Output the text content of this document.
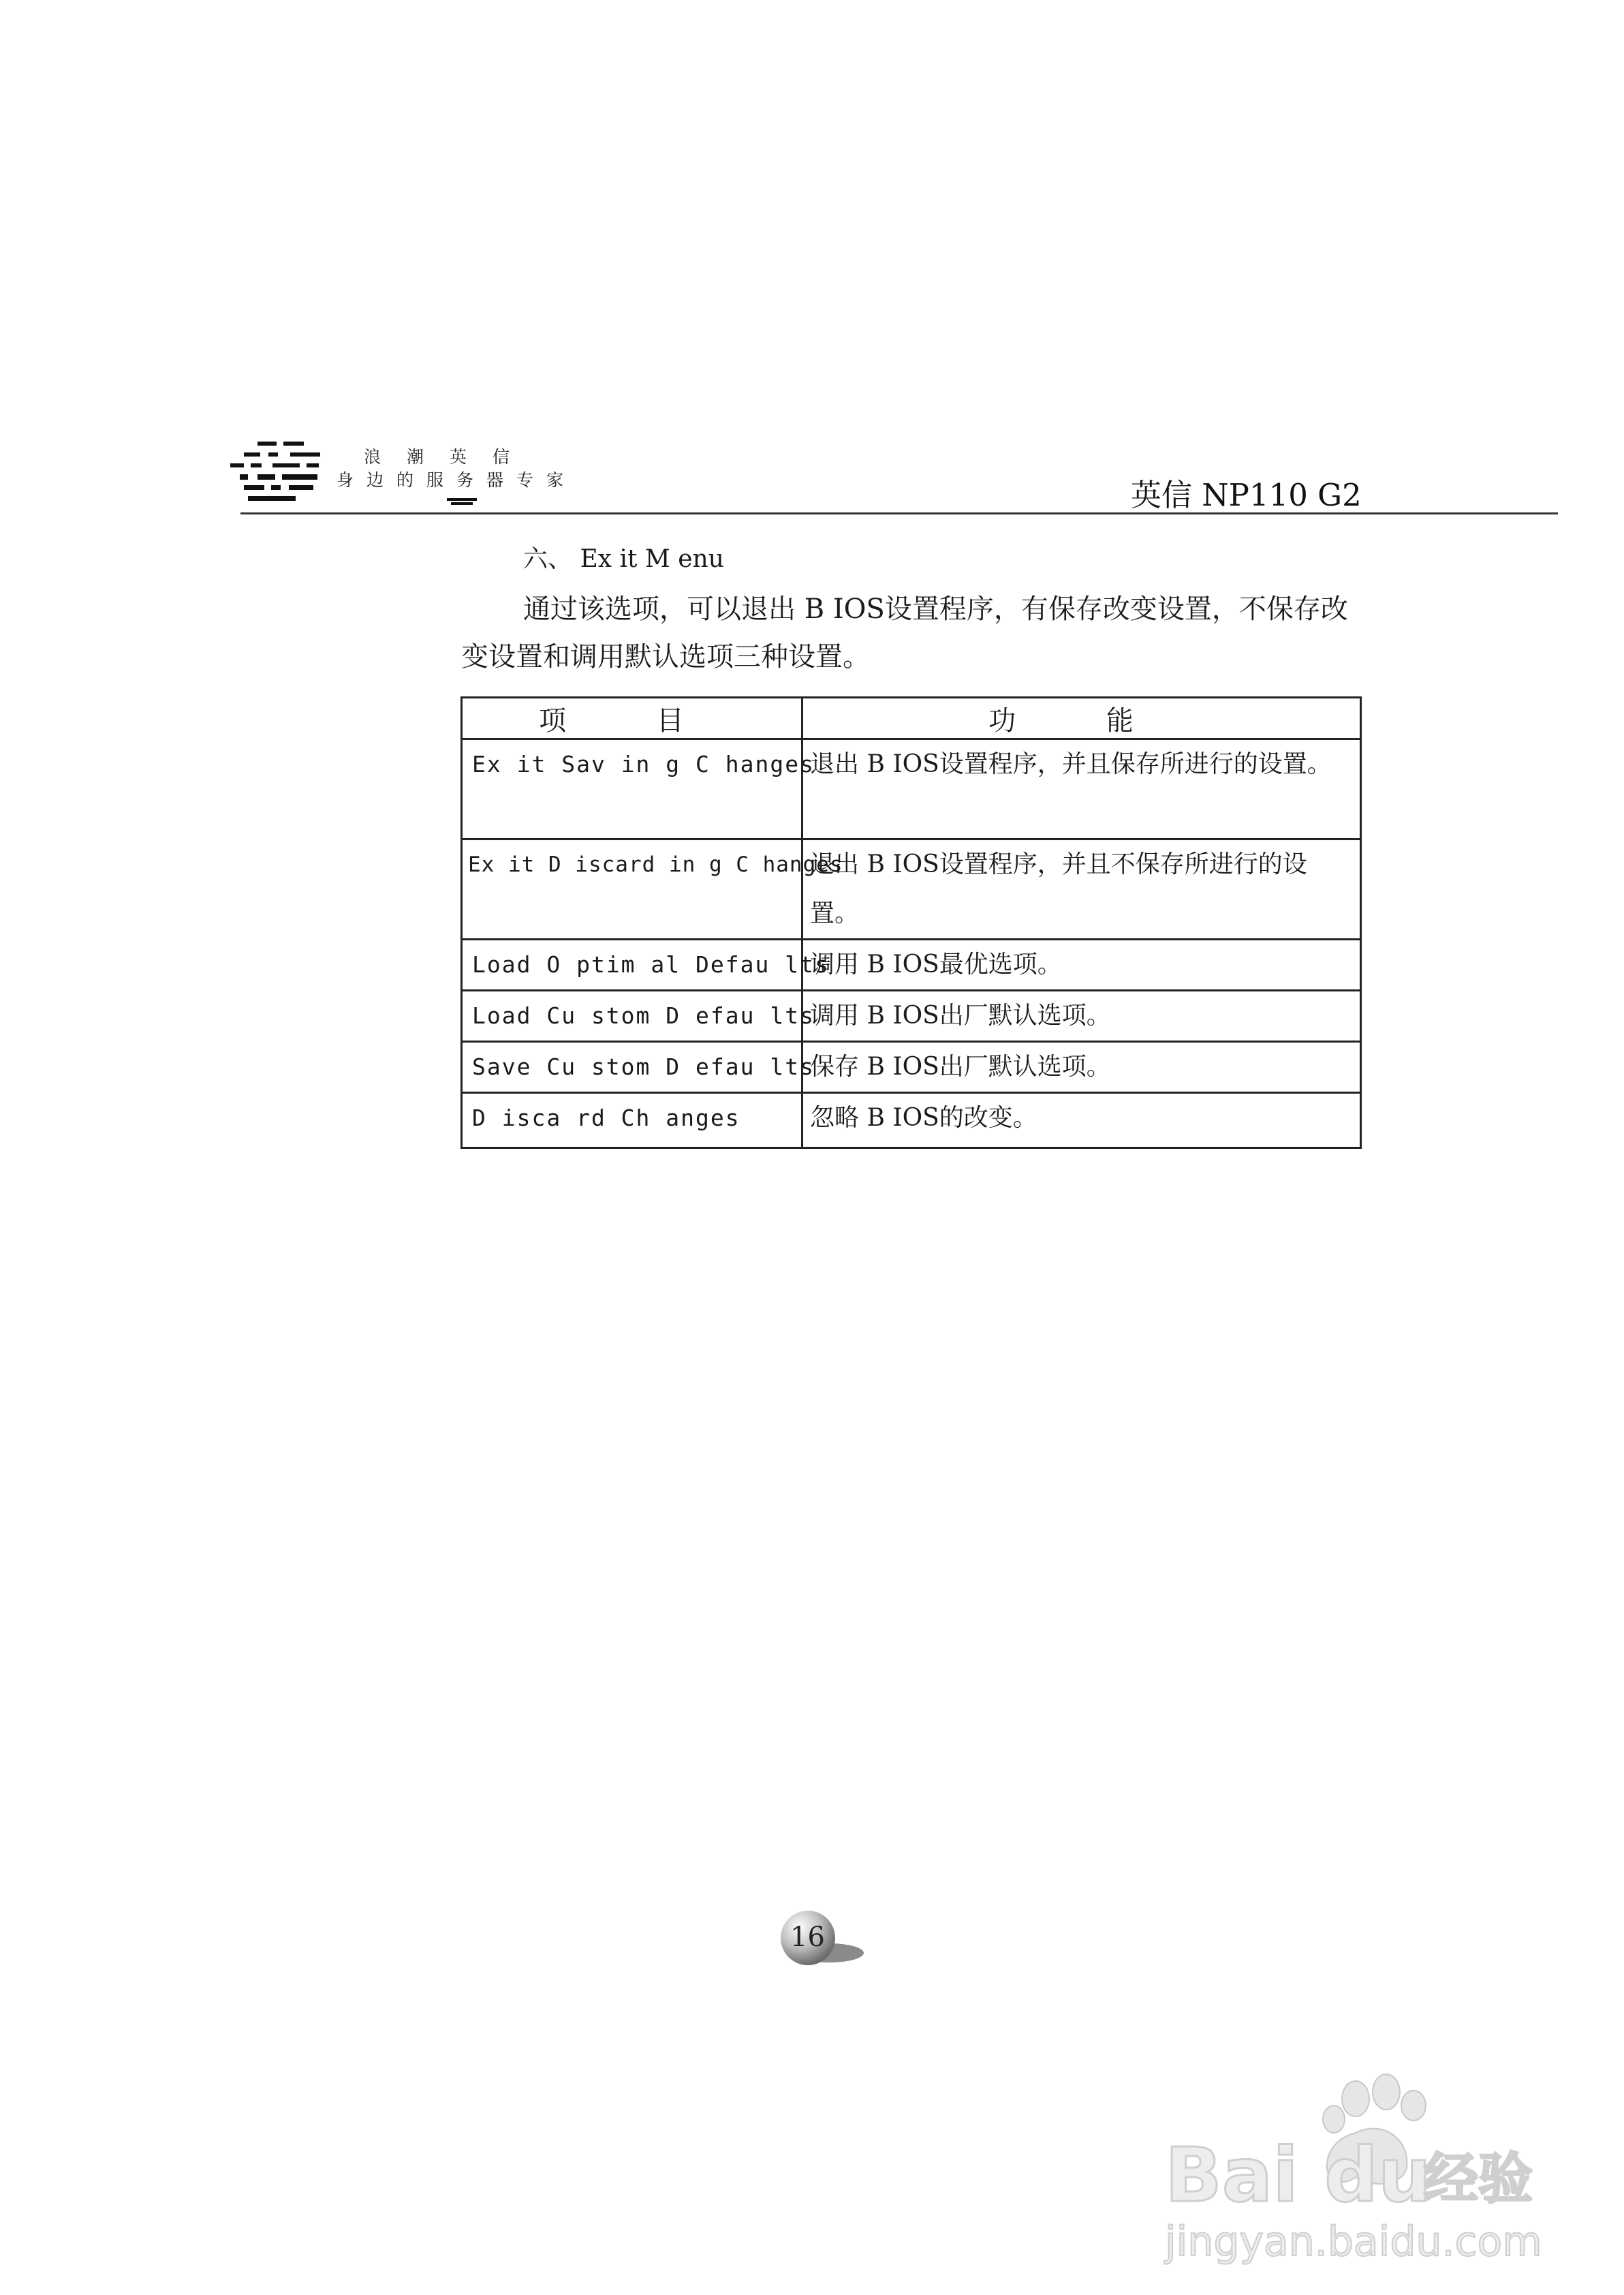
浪潮英信
身边的服务器专家	英信 NP110 G2
六、 Ex it M enu
通过该选项，可以退出 B IOS设置程序，有保存改变设置，不保存改
变设置和调用默认选项三种设置。
项 目	功 能
Ex it Sav in g C hanges	退出 B IOS设置程序，并且保存所进行的设置。
Ex it D iscard in g C hanges	退出 B IOS设置程序，并且不保存所进行的设置。
Load O ptim al Defau lts	调用 B IOS最优选项。
Load Cu stom D efau lts	调用 B IOS出厂默认选项。
Save Cu stom D efau lts	保存 B IOS出厂默认选项。
D isca rd Ch anges	忽略 B IOS的改变。
16
Bai du
经验
jingyan.baidu.com
